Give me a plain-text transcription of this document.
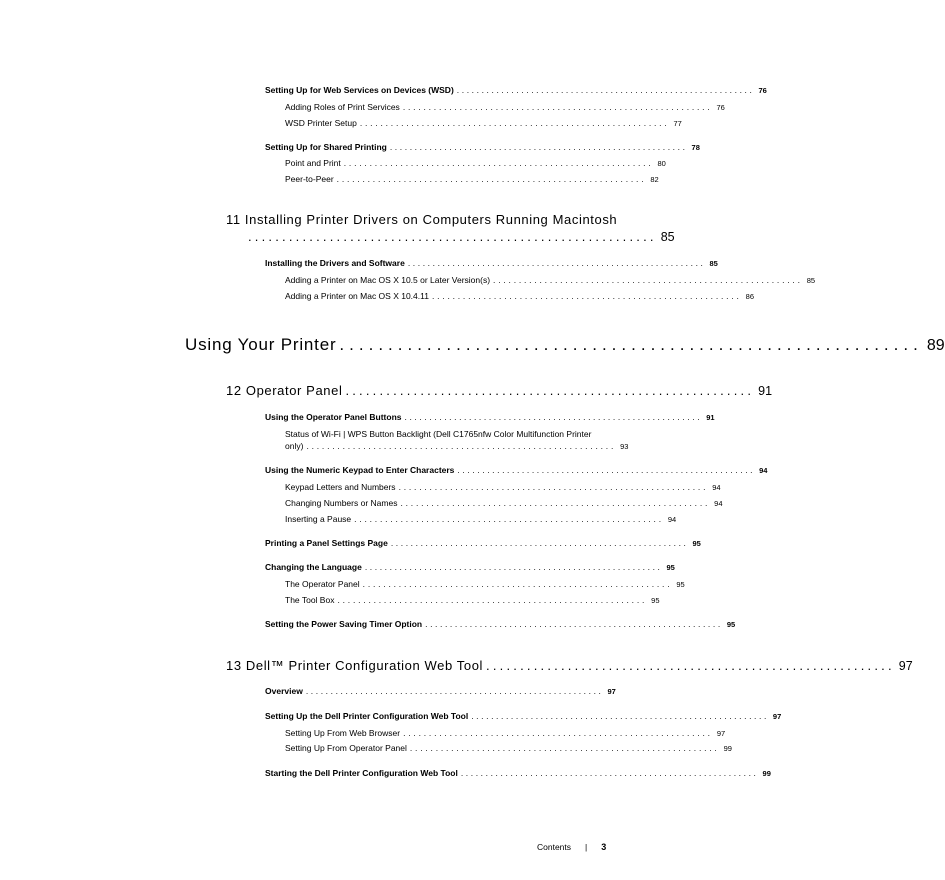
Setting Up for Web Services on Devices (WSD) ............................................................ 76
Adding Roles of Print Services ............................................................ 76
WSD Printer Setup ............................................................ 77
Setting Up for Shared Printing ............................................................ 78
Point and Print ............................................................ 80
Peer-to-Peer ............................................................ 82
11 Installing Printer Drivers on Computers Running Macintosh
............................................................ 85
Installing the Drivers and Software ............................................................ 85
Adding a Printer on Mac OS X 10.5 or Later Version(s) ............................................................ 85
Adding a Printer on Mac OS X 10.4.11 ............................................................ 86
Using Your Printer ............................................................ 89
12 Operator Panel ............................................................ 91
Using the Operator Panel Buttons ............................................................ 91
Status of Wi-Fi | WPS Button Backlight (Dell C1765nfw Color Multifunction Printer
only) ............................................................ 93
Using the Numeric Keypad to Enter Characters ............................................................ 94
Keypad Letters and Numbers ............................................................ 94
Changing Numbers or Names ............................................................ 94
Inserting a Pause ............................................................ 94
Printing a Panel Settings Page ............................................................ 95
Changing the Language ............................................................ 95
The Operator Panel ............................................................ 95
The Tool Box ............................................................ 95
Setting the Power Saving Timer Option ............................................................ 95
13 Dell™ Printer Configuration Web Tool ............................................................ 97
Overview ............................................................ 97
Setting Up the Dell Printer Configuration Web Tool ............................................................ 97
Setting Up From Web Browser ............................................................ 97
Setting Up From Operator Panel ............................................................ 99
Starting the Dell Printer Configuration Web Tool ............................................................ 99
Contents | 3
